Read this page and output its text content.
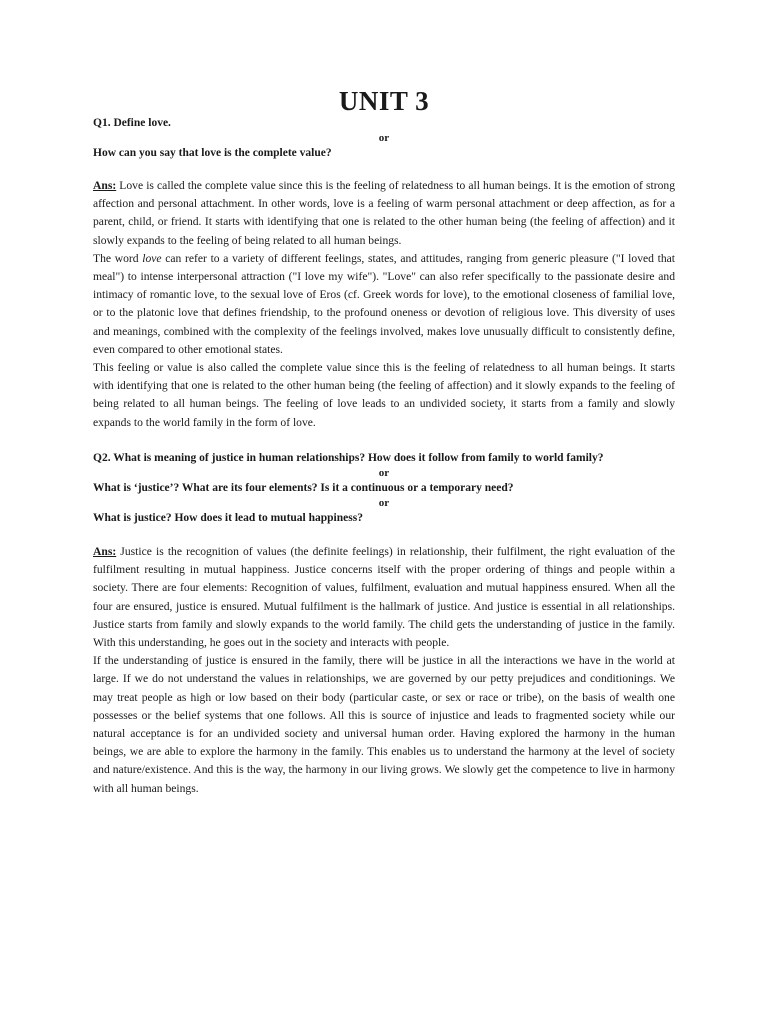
UNIT 3

Q1. Define love.

or

How can you say that love is the complete value?

Ans: Love is called the complete value since this is the feeling of relatedness to all human beings. It is the emotion of strong affection and personal attachment. In other words, love is a feeling of warm personal attachment or deep affection, as for a parent, child, or friend. It starts with identifying that one is related to the other human being (the feeling of affection) and it slowly expands to the feeling of being related to all human beings.

The word love can refer to a variety of different feelings, states, and attitudes, ranging from generic pleasure ("I loved that meal") to intense interpersonal attraction ("I love my wife"). "Love" can also refer specifically to the passionate desire and intimacy of romantic love, to the sexual love of Eros (cf. Greek words for love), to the emotional closeness of familial love, or to the platonic love that defines friendship, to the profound oneness or devotion of religious love. This diversity of uses and meanings, combined with the complexity of the feelings involved, makes love unusually difficult to consistently define, even compared to other emotional states.

This feeling or value is also called the complete value since this is the feeling of relatedness to all human beings. It starts with identifying that one is related to the other human being (the feeling of affection) and it slowly expands to the feeling of being related to all human beings. The feeling of love leads to an undivided society, it starts from a family and slowly expands to the world family in the form of love.

Q2. What is meaning of justice in human relationships? How does it follow from family to world family?

or

What is ‘justice’? What are its four elements? Is it a continuous or a temporary need?

or

What is justice? How does it lead to mutual happiness?

Ans: Justice is the recognition of values (the definite feelings) in relationship, their fulfilment, the right evaluation of the fulfilment resulting in mutual happiness. Justice concerns itself with the proper ordering of things and people within a society. There are four elements: Recognition of values, fulfilment, evaluation and mutual happiness ensured. When all the four are ensured, justice is ensured. Mutual fulfilment is the hallmark of justice. And justice is essential in all relationships. Justice starts from family and slowly expands to the world family. The child gets the understanding of justice in the family. With this understanding, he goes out in the society and interacts with people.

If the understanding of justice is ensured in the family, there will be justice in all the interactions we have in the world at large. If we do not understand the values in relationships, we are governed by our petty prejudices and conditionings. We may treat people as high or low based on their body (particular caste, or sex or race or tribe), on the basis of wealth one possesses or the belief systems that one follows. All this is source of injustice and leads to fragmented society while our natural acceptance is for an undivided society and universal human order. Having explored the harmony in the human beings, we are able to explore the harmony in the family. This enables us to understand the harmony at the level of society and nature/existence. And this is the way, the harmony in our living grows. We slowly get the competence to live in harmony with all human beings.
